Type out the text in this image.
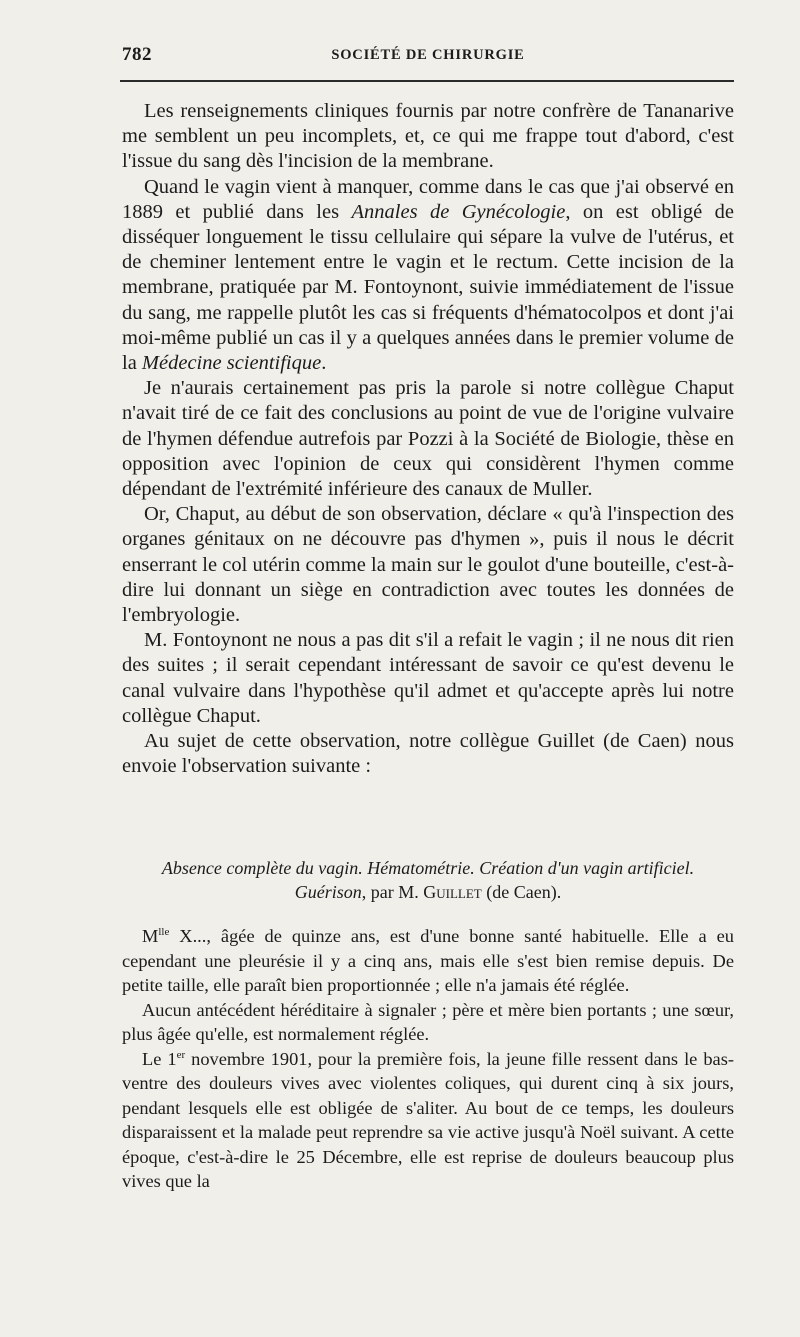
782	SOCIÉTÉ DE CHIRURGIE

Les renseignements cliniques fournis par notre confrère de Tananarive me semblent un peu incomplets, et, ce qui me frappe tout d'abord, c'est l'issue du sang dès l'incision de la membrane.

Quand le vagin vient à manquer, comme dans le cas que j'ai observé en 1889 et publié dans les Annales de Gynécologie, on est obligé de disséquer longuement le tissu cellulaire qui sépare la vulve de l'utérus, et de cheminer lentement entre le vagin et le rectum. Cette incision de la membrane, pratiquée par M. Fontoynont, suivie immédiatement de l'issue du sang, me rappelle plutôt les cas si fréquents d'hématocolpos et dont j'ai moi-même publié un cas il y a quelques années dans le premier volume de la Médecine scientifique.

Je n'aurais certainement pas pris la parole si notre collègue Chaput n'avait tiré de ce fait des conclusions au point de vue de l'origine vulvaire de l'hymen défendue autrefois par Pozzi à la Société de Biologie, thèse en opposition avec l'opinion de ceux qui considèrent l'hymen comme dépendant de l'extrémité inférieure des canaux de Muller.

Or, Chaput, au début de son observation, déclare « qu'à l'inspection des organes génitaux on ne découvre pas d'hymen », puis il nous le décrit enserrant le col utérin comme la main sur le goulot d'une bouteille, c'est-à-dire lui donnant un siège en contradiction avec toutes les données de l'embryologie.

M. Fontoynont ne nous a pas dit s'il a refait le vagin ; il ne nous dit rien des suites ; il serait cependant intéressant de savoir ce qu'est devenu le canal vulvaire dans l'hypothèse qu'il admet et qu'accepte après lui notre collègue Chaput.

Au sujet de cette observation, notre collègue Guillet (de Caen) nous envoie l'observation suivante :

Absence complète du vagin. Hématométrie. Création d'un vagin artificiel.
Guérison, par M. Guillet (de Caen).

$M^{lle}$ X..., âgée de quinze ans, est d'une bonne santé habituelle. Elle a eu cependant une pleurésie il y a cinq ans, mais elle s'est bien remise depuis. De petite taille, elle paraît bien proportionnée ; elle n'a jamais été réglée.

Aucun antécédent héréditaire à signaler ; père et mère bien portants ; une sœur, plus âgée qu'elle, est normalement réglée.

Le 1er novembre 1901, pour la première fois, la jeune fille ressent dans le bas-ventre des douleurs vives avec violentes coliques, qui durent cinq à six jours, pendant lesquels elle est obligée de s'aliter. Au bout de ce temps, les douleurs disparaissent et la malade peut reprendre sa vie active jusqu'à Noël suivant. A cette époque, c'est-à-dire le 25 Décembre, elle est reprise de douleurs beaucoup plus vives que la
